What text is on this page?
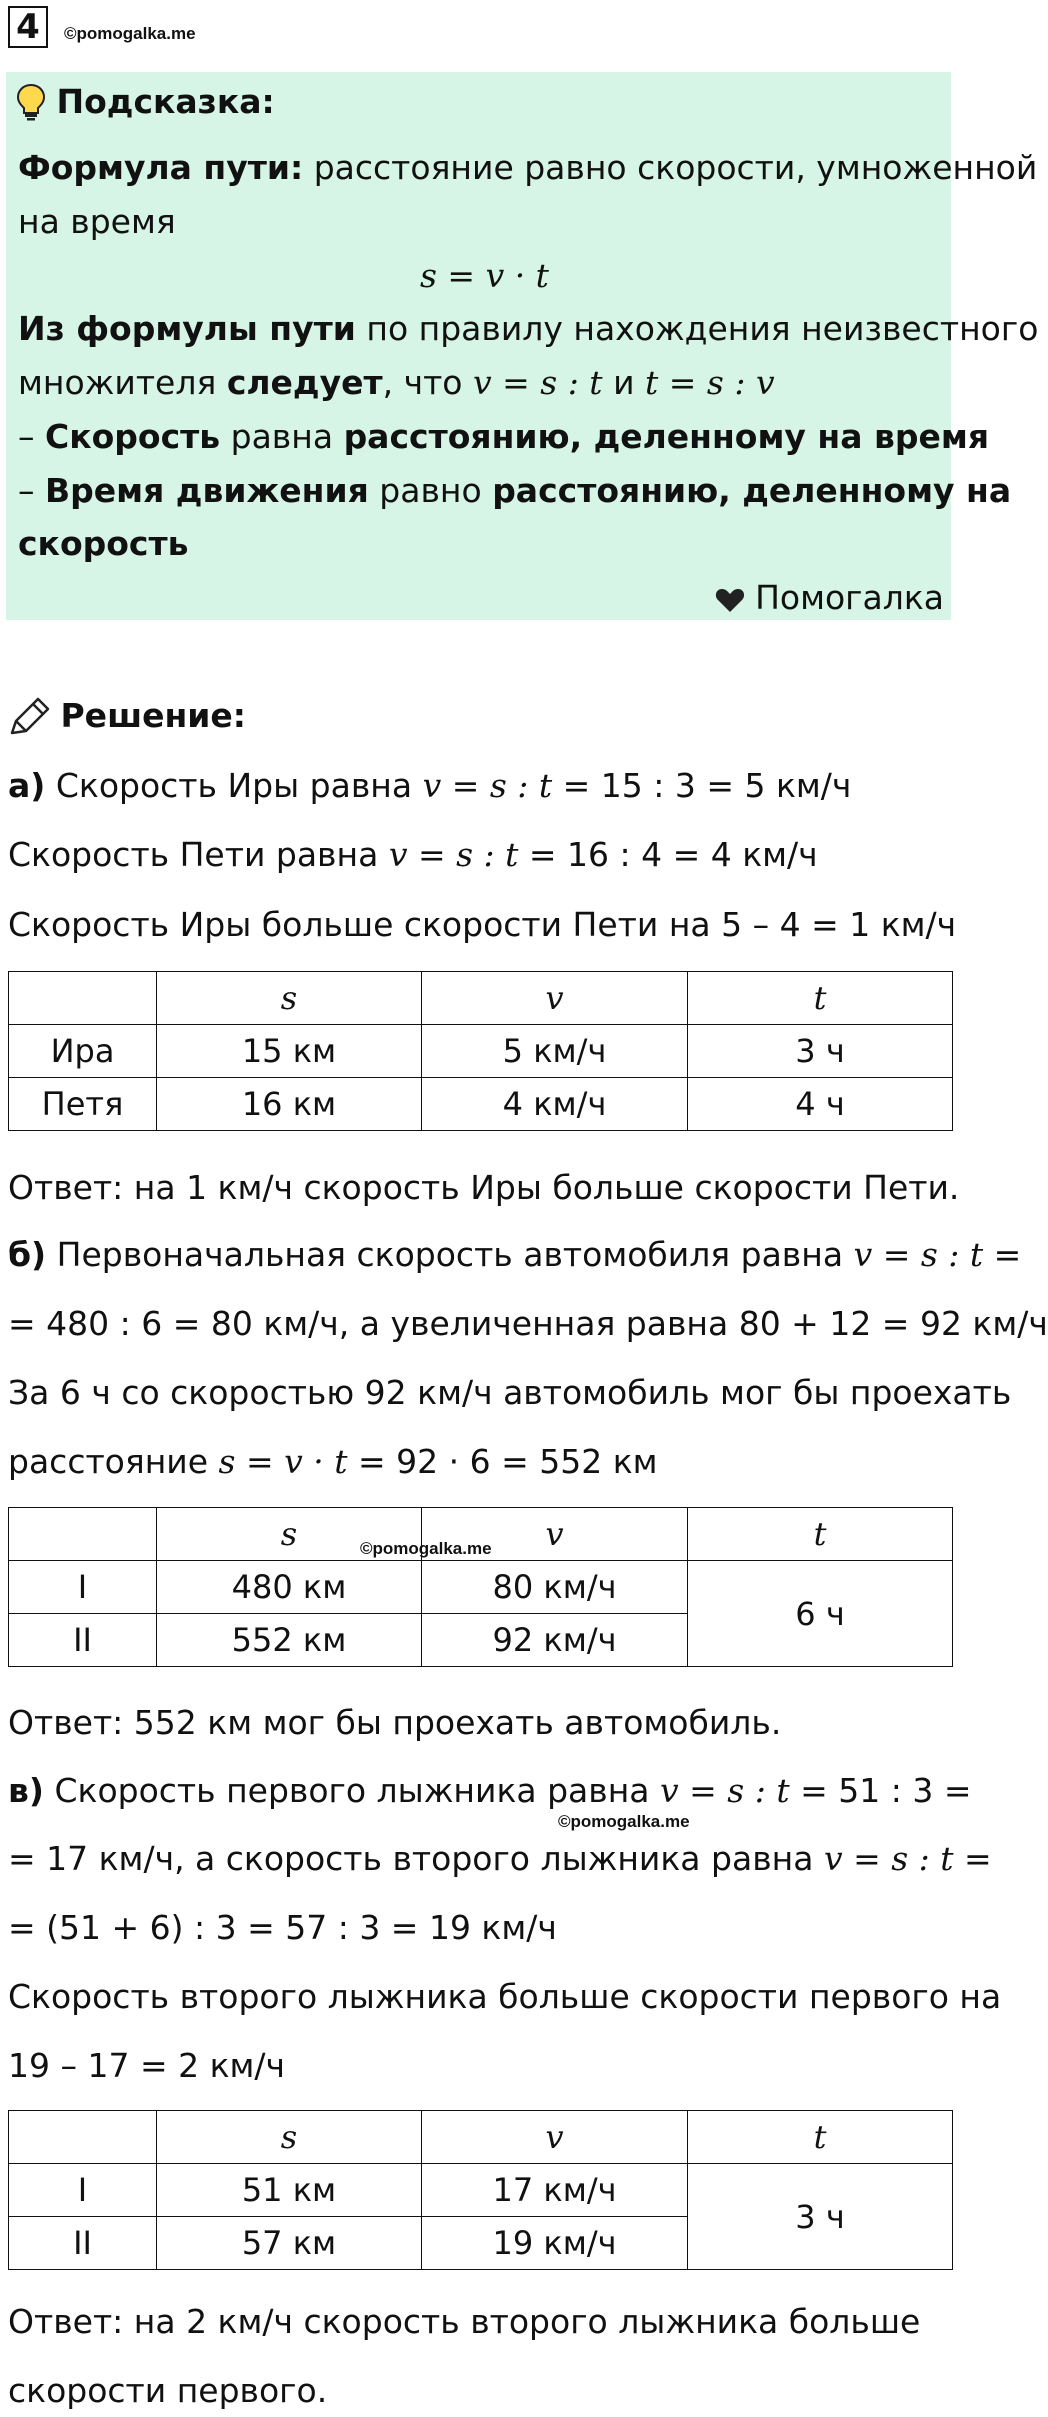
4	©pomogalka.me
Подсказка:
Формула пути: расстояние равно скорости, умноженной
на время
s = v · t
Из формулы пути по правилу нахождения неизвестного
множителя следует, что v = s : t и t = s : v
– Скорость равна расстоянию, деленному на время
– Время движения равно расстоянию, деленному на
скорость
Помогалка
Решение:
а) Скорость Иры равна v = s : t = 15 : 3 = 5 км/ч
Скорость Пети равна v = s : t = 16 : 4 = 4 км/ч
Скорость Иры больше скорости Пети на 5 – 4 = 1 км/ч
	s	v	t
Ира	15 км	5 км/ч	3 ч
Петя	16 км	4 км/ч	4 ч
Ответ: на 1 км/ч скорость Иры больше скорости Пети.
б) Первоначальная скорость автомобиля равна v = s : t =
= 480 : 6 = 80 км/ч, а увеличенная равна 80 + 12 = 92 км/ч
За 6 ч со скоростью 92 км/ч автомобиль мог бы проехать
расстояние s = v · t = 92 · 6 = 552 км
	s	v	t
I	480 км	80 км/ч	6 ч
II	552 км	92 км/ч	
©pomogalka.me
Ответ: 552 км мог бы проехать автомобиль.
в) Скорость первого лыжника равна v = s : t = 51 : 3 =
©pomogalka.me
= 17 км/ч, а скорость второго лыжника равна v = s : t =
= (51 + 6) : 3 = 57 : 3 = 19 км/ч
Скорость второго лыжника больше скорости первого на
19 – 17 = 2 км/ч
	s	v	t
I	51 км	17 км/ч	3 ч
II	57 км	19 км/ч	
Ответ: на 2 км/ч скорость второго лыжника больше
скорости первого.
